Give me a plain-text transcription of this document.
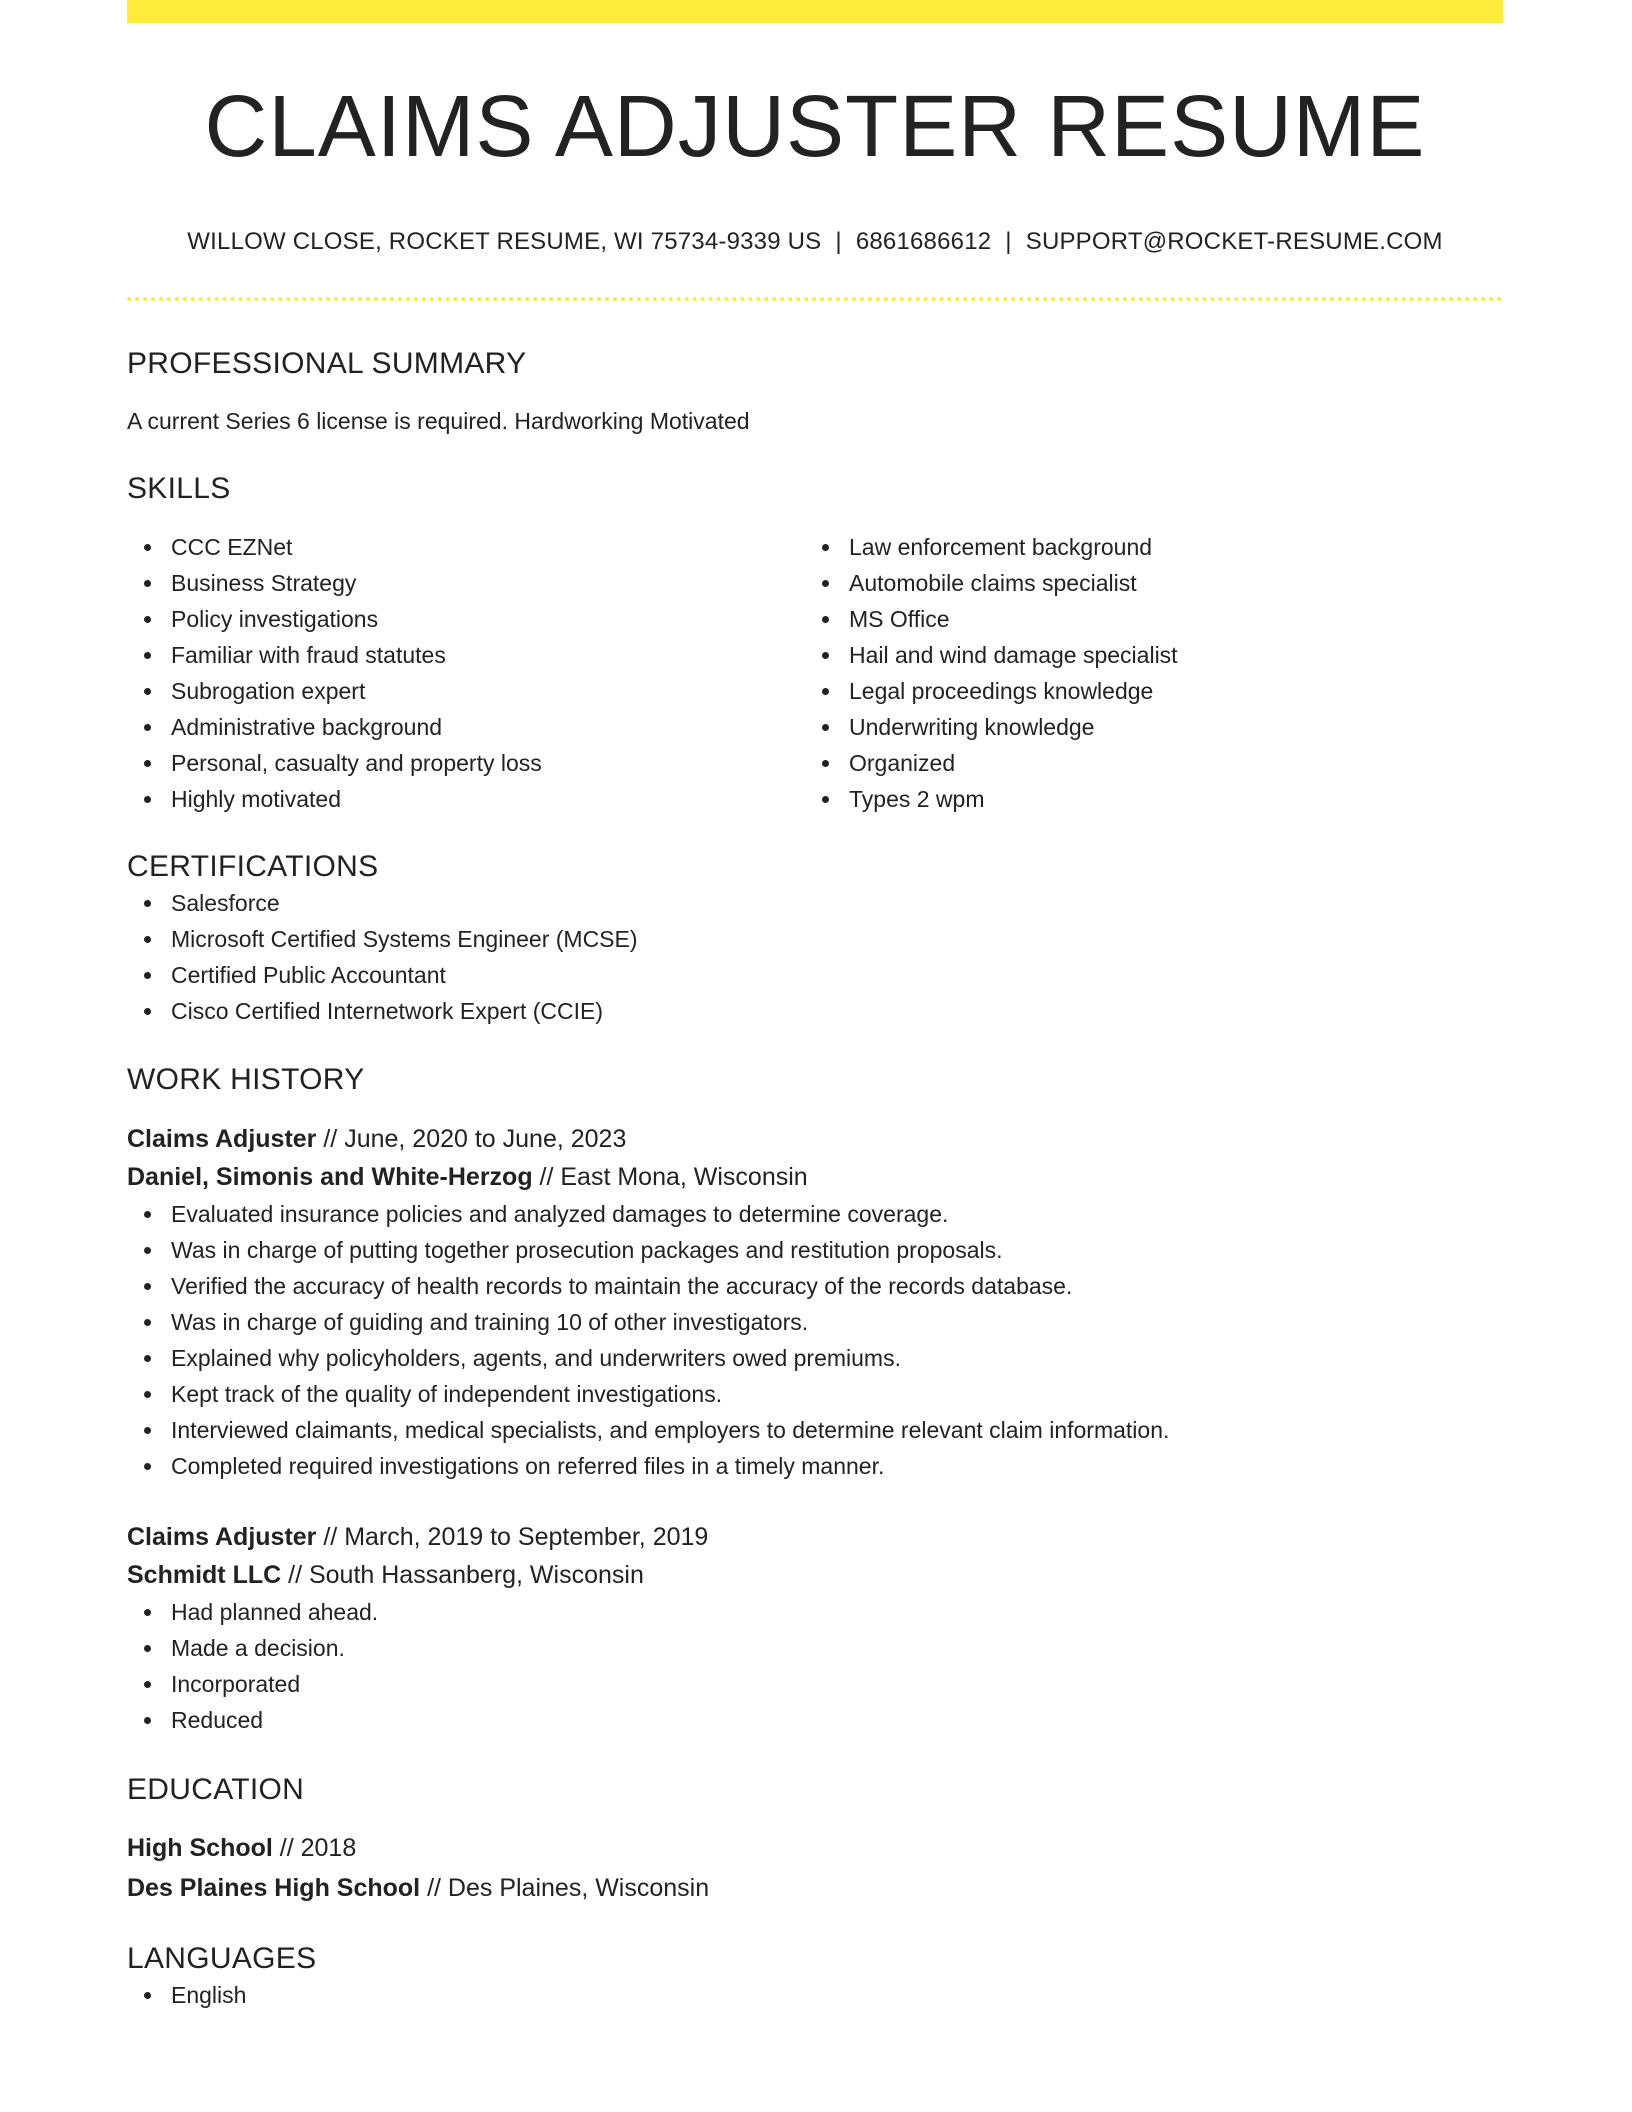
CLAIMS ADJUSTER RESUME
WILLOW CLOSE, ROCKET RESUME, WI 75734-9339 US | 6861686612 | SUPPORT@ROCKET-RESUME.COM
PROFESSIONAL SUMMARY
A current Series 6 license is required. Hardworking Motivated
SKILLS
CCC EZNet
Business Strategy
Policy investigations
Familiar with fraud statutes
Subrogation expert
Administrative background
Personal, casualty and property loss
Highly motivated
Law enforcement background
Automobile claims specialist
MS Office
Hail and wind damage specialist
Legal proceedings knowledge
Underwriting knowledge
Organized
Types 2 wpm
CERTIFICATIONS
Salesforce
Microsoft Certified Systems Engineer (MCSE)
Certified Public Accountant
Cisco Certified Internetwork Expert (CCIE)
WORK HISTORY
Claims Adjuster // June, 2020 to June, 2023
Daniel, Simonis and White-Herzog // East Mona, Wisconsin
Evaluated insurance policies and analyzed damages to determine coverage.
Was in charge of putting together prosecution packages and restitution proposals.
Verified the accuracy of health records to maintain the accuracy of the records database.
Was in charge of guiding and training 10 of other investigators.
Explained why policyholders, agents, and underwriters owed premiums.
Kept track of the quality of independent investigations.
Interviewed claimants, medical specialists, and employers to determine relevant claim information.
Completed required investigations on referred files in a timely manner.
Claims Adjuster // March, 2019 to September, 2019
Schmidt LLC // South Hassanberg, Wisconsin
Had planned ahead.
Made a decision.
Incorporated
Reduced
EDUCATION
High School // 2018
Des Plaines High School // Des Plaines, Wisconsin
LANGUAGES
English
